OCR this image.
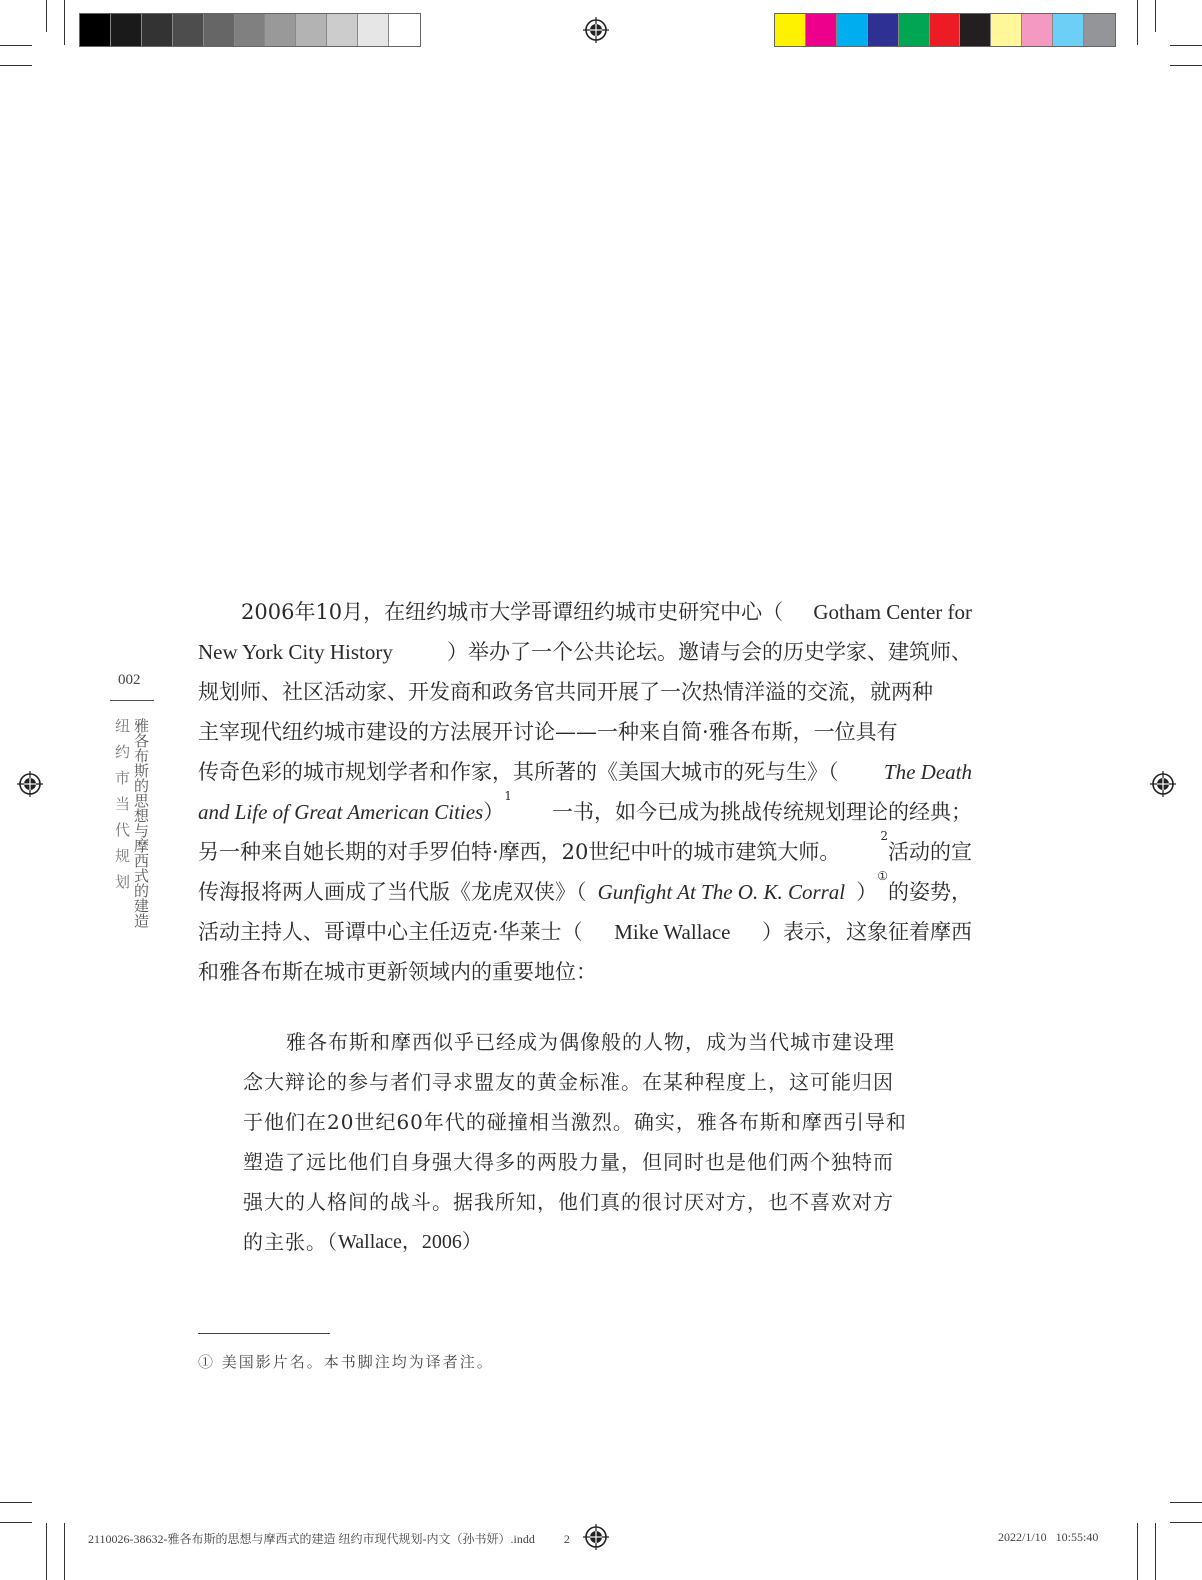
002
纽约市当代规划 雅各布斯的思想与摩西式的建造
2006年10月，在纽约城市大学哥谭纽约城市史研究中心（ Gotham Center for
New York City History	）举办了一个公共论坛。邀请与会的历史学家、建筑师、
规划师、社区活动家、开发商和政务官共同开展了一次热情洋溢的交流，就两种
主宰现代纽约城市建设的方法展开讨论——一种来自简·雅各布斯，一位具有
传奇色彩的城市规划学者和作家，其所著的《美国大城市的死与生》（ The Death
and Life of Great American Cities）$^1$
一书，如今已成为挑战传统规划理论的经典；
另一种来自她长期的对手罗伯特·摩西，20世纪中叶的城市建筑大师。
$^2$活动的宣
传海报将两人画成了当代版《龙虎双侠》（ Gunfight At The O. K. Corral ）①的姿势，
活动主持人、哥谭中心主任迈克·华莱士（ Mike Wallace ）表示，这象征着摩西
和雅各布斯在城市更新领域内的重要地位：
雅各布斯和摩西似乎已经成为偶像般的人物，成为当代城市建设理
念大辩论的参与者们寻求盟友的黄金标准。在某种程度上，这可能归因
于他们在20世纪60年代的碰撞相当激烈。确实，雅各布斯和摩西引导和
塑造了远比他们自身强大得多的两股力量，但同时也是他们两个独特而
强大的人格间的战斗。据我所知，他们真的很讨厌对方，也不喜欢对方
的主张。（ Wallace，2006）
① 美国影片名。本书脚注均为译者注。
2110026-38632-雅各布斯的思想与摩西式的建造 纽约市现代规划-内文（孙书妍）.indd 2	2022/1/10 10:55:40
